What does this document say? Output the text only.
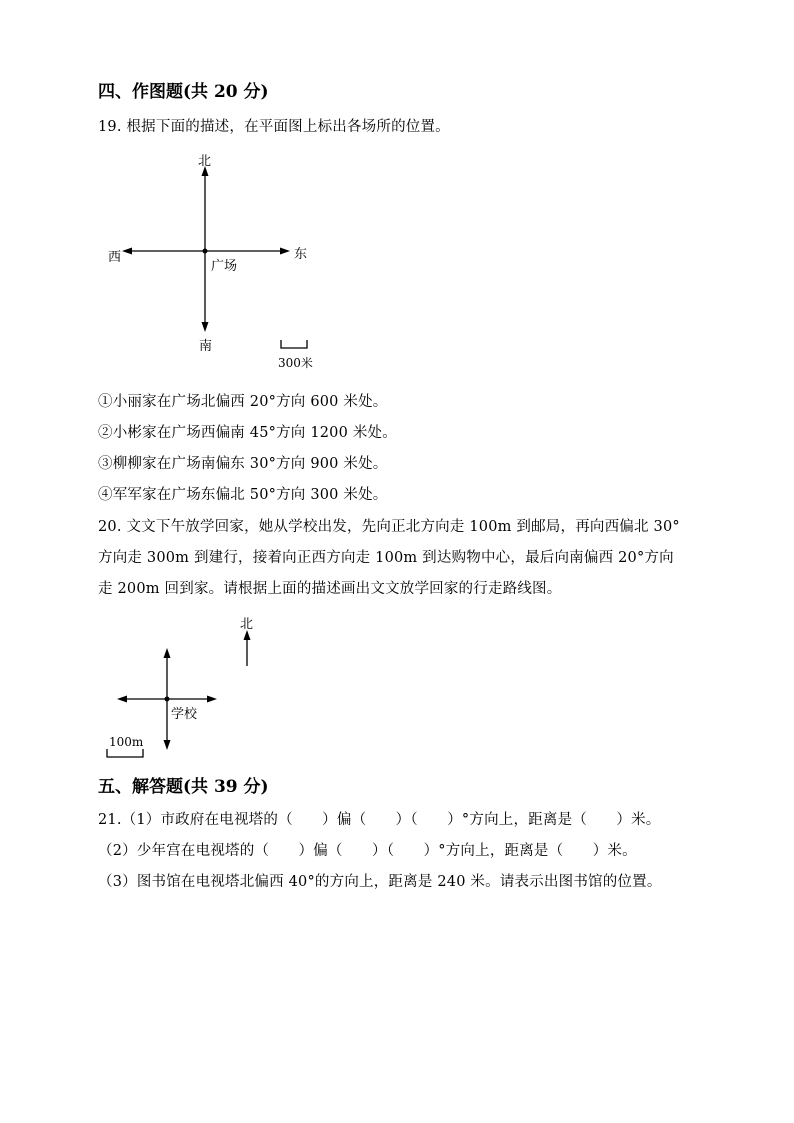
四、作图题(共 20 分)
19. 根据下面的描述，在平面图上标出各场所的位置。
北
南
东
西
广场
300米
①小丽家在广场北偏西 20°方向 600 米处。
②小彬家在广场西偏南 45°方向 1200 米处。
③柳柳家在广场南偏东 30°方向 900 米处。
④军军家在广场东偏北 50°方向 300 米处。
20. 文文下午放学回家，她从学校出发，先向正北方向走 100m 到邮局，再向西偏北 30°
方向走 300m 到建行，接着向正西方向走 100m 到达购物中心，最后向南偏西 20°方向
走 200m 回到家。请根据上面的描述画出文文放学回家的行走路线图。
北
学校
100m
五、解答题(共 39 分)
21.（1）市政府在电视塔的（　　）偏（　　）（　　）°方向上，距离是（　　）米。
（2）少年宫在电视塔的（　　）偏（　　）（　　）°方向上，距离是（　　）米。
（3）图书馆在电视塔北偏西 40°的方向上，距离是 240 米。请表示出图书馆的位置。
